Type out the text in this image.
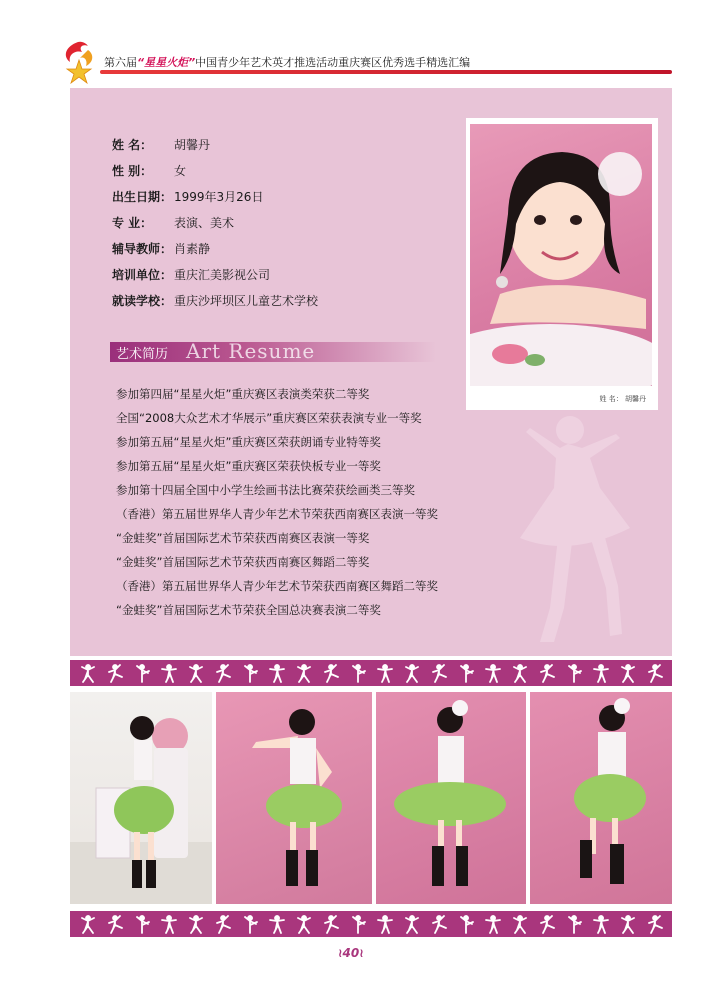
第六届“星星火炬”中国青少年艺术英才推选活动重庆赛区优秀选手精选汇编
姓 名： 胡馨丹
性 别： 女
出生日期： 1999年3月26日
专 业： 表演、美术
辅导教师： 肖素静
培训单位： 重庆汇美影视公司
就读学校： 重庆沙坪坝区儿童艺术学校
艺术简历 Art Resume
参加第四届“星星火炬”重庆赛区表演类荣获二等奖
全国“2008大众艺术才华展示”重庆赛区荣获表演专业一等奖
参加第五届“星星火炬”重庆赛区荣获朗诵专业特等奖
参加第五届“星星火炬”重庆赛区荣获快板专业一等奖
参加第十四届全国中小学生绘画书法比赛荣获绘画类三等奖
（香港）第五届世界华人青少年艺术节荣获西南赛区表演一等奖
“金蛙奖”首届国际艺术节荣获西南赛区表演一等奖
“金蛙奖”首届国际艺术节荣获西南赛区舞蹈二等奖
（香港）第五届世界华人青少年艺术节荣获西南赛区舞蹈二等奖
“金蛙奖”首届国际艺术节荣获全国总决赛表演二等奖
姓 名： 胡馨丹
≀40≀
